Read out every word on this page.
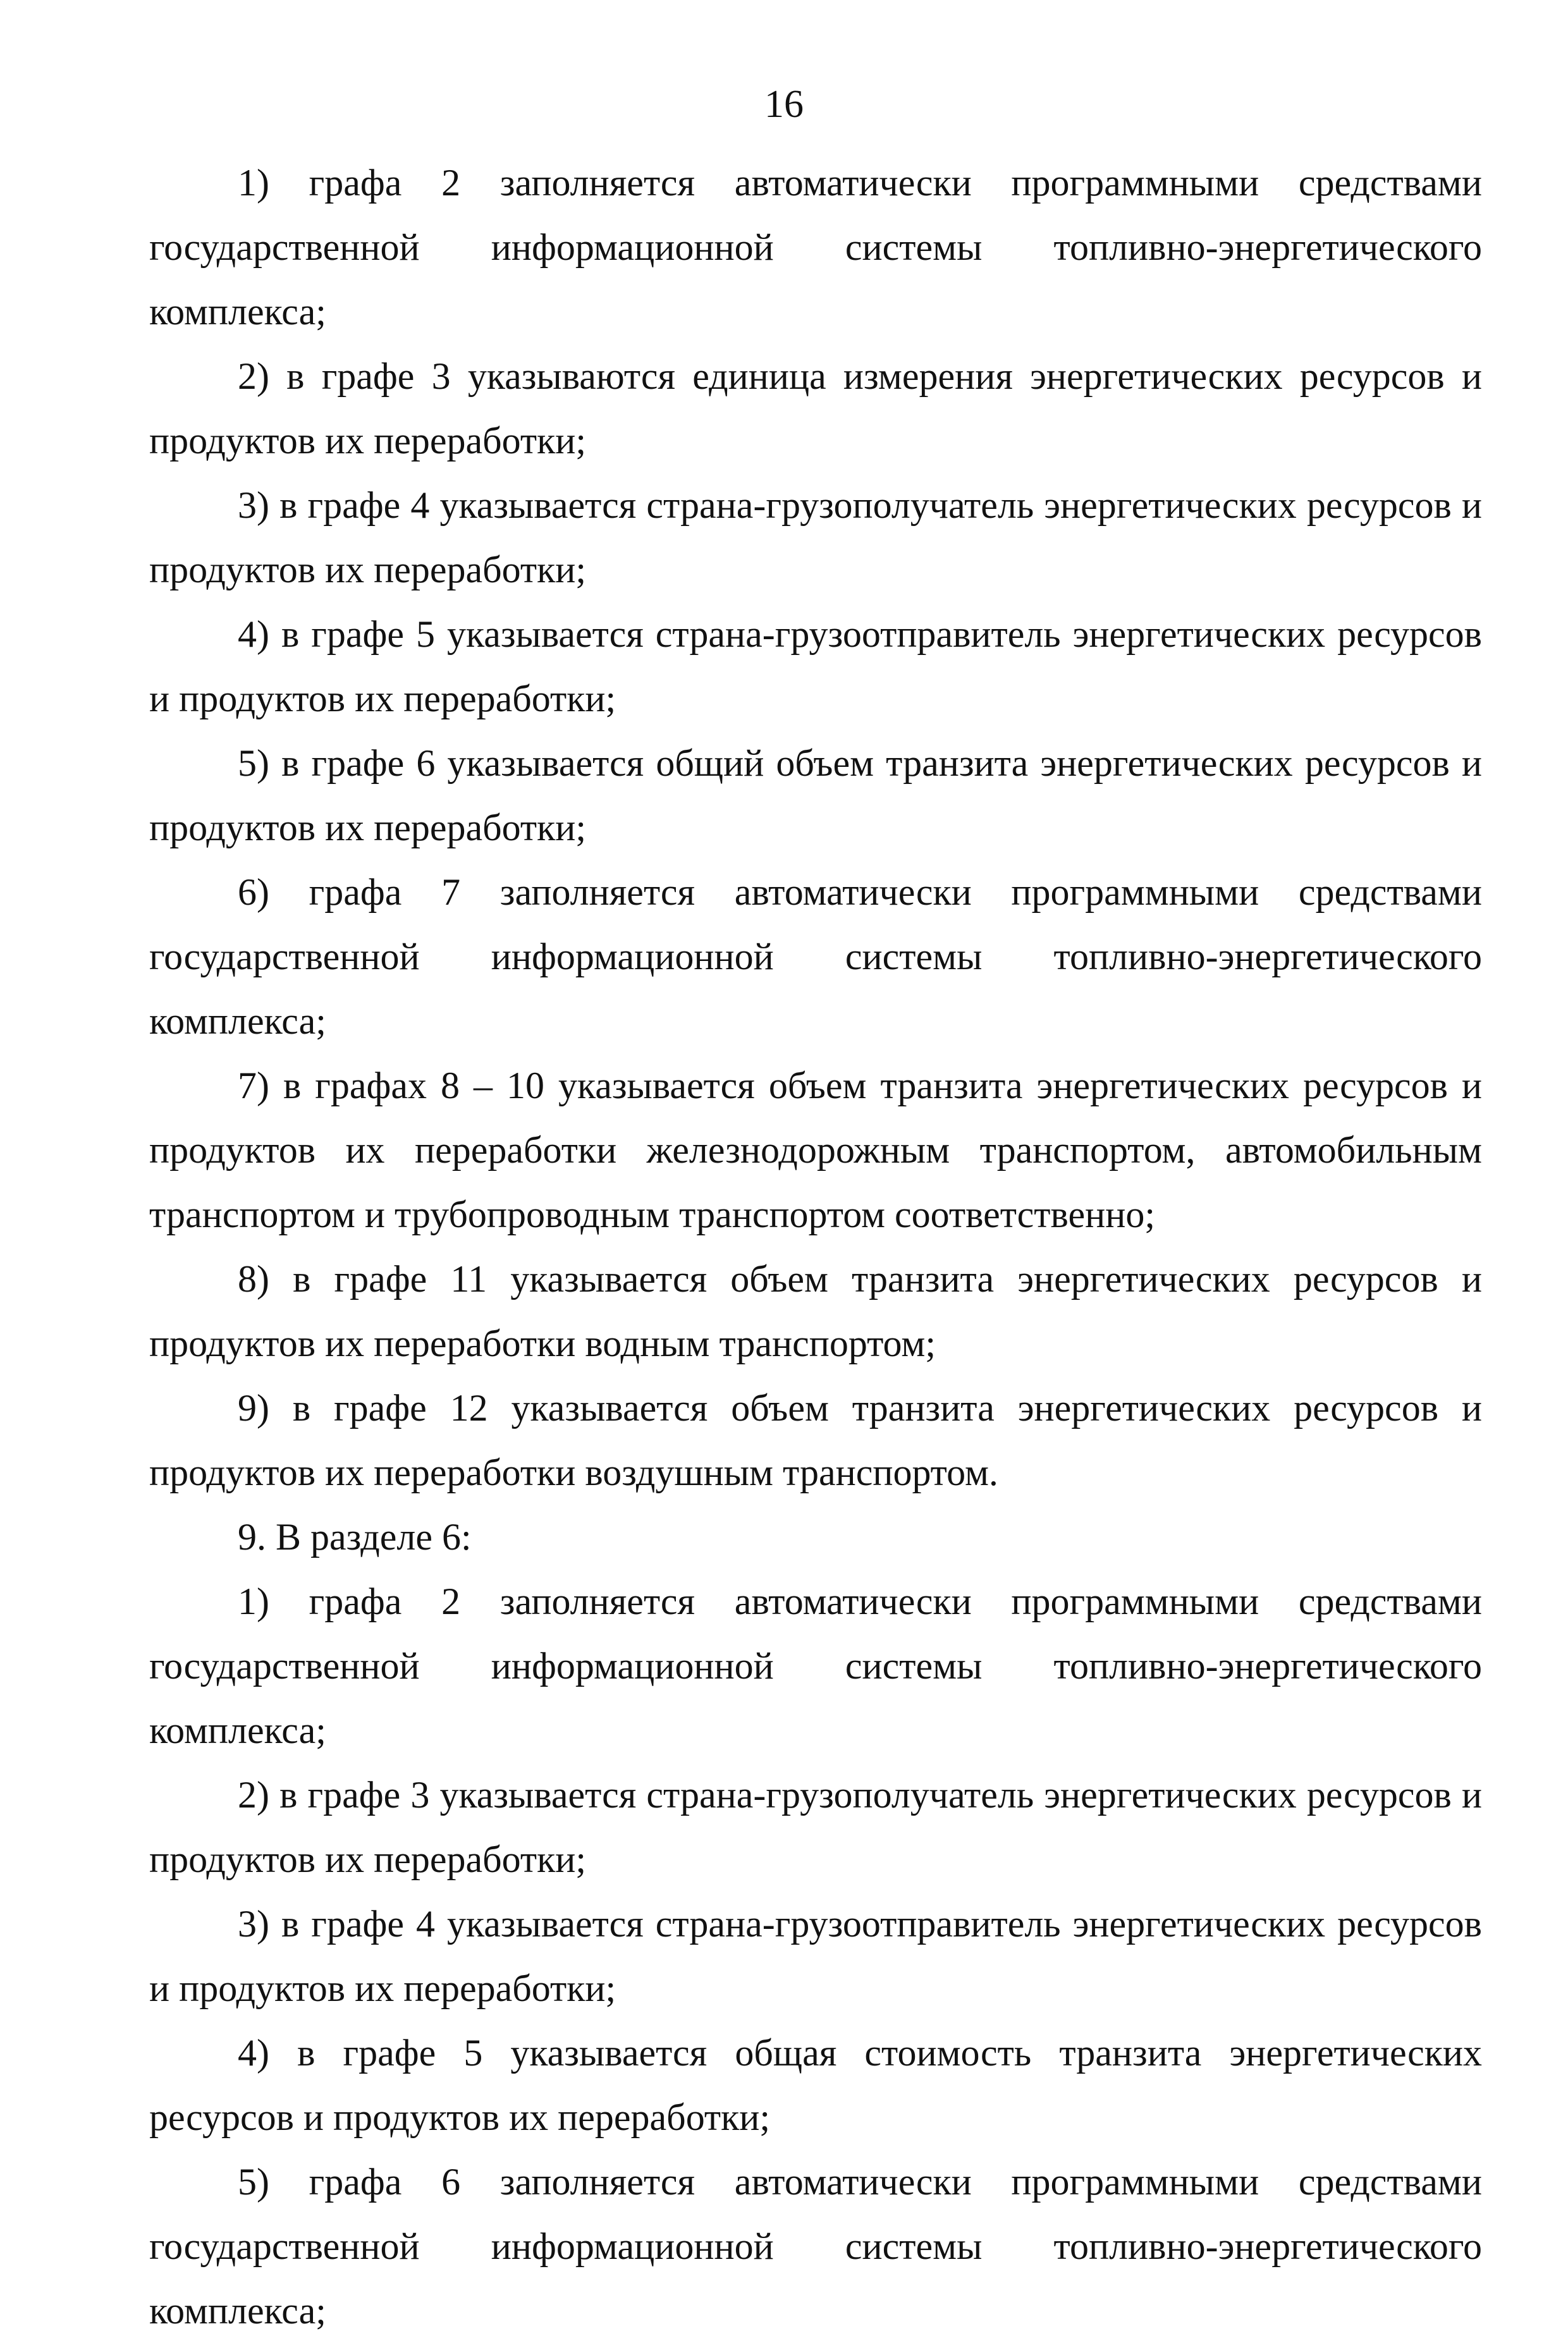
16

1) графа 2 заполняется автоматически программными средствами государственной информационной системы топливно-энергетического комплекса;

2) в графе 3 указываются единица измерения энергетических ресурсов и продуктов их переработки;

3) в графе 4 указывается страна-грузополучатель энергетических ресурсов и продуктов их переработки;

4) в графе 5 указывается страна-грузоотправитель энергетических ресурсов и продуктов их переработки;

5) в графе 6 указывается общий объем транзита энергетических ресурсов и продуктов их переработки;

6) графа 7 заполняется автоматически программными средствами государственной информационной системы топливно-энергетического комплекса;

7) в графах 8 – 10 указывается объем транзита энергетических ресурсов и продуктов их переработки железнодорожным транспортом, автомобильным транспортом и трубопроводным транспортом соответственно;

8) в графе 11 указывается объем транзита энергетических ресурсов и продуктов их переработки водным транспортом;

9) в графе 12 указывается объем транзита энергетических ресурсов и продуктов их переработки воздушным транспортом.

9. В разделе 6:

1) графа 2 заполняется автоматически программными средствами государственной информационной системы топливно-энергетического комплекса;

2) в графе 3 указывается страна-грузополучатель энергетических ресурсов и продуктов их переработки;

3) в графе 4 указывается страна-грузоотправитель энергетических ресурсов и продуктов их переработки;

4) в графе 5 указывается общая стоимость транзита энергетических ресурсов и продуктов их переработки;

5) графа 6 заполняется автоматически программными средствами государственной информационной системы топливно-энергетического комплекса;
